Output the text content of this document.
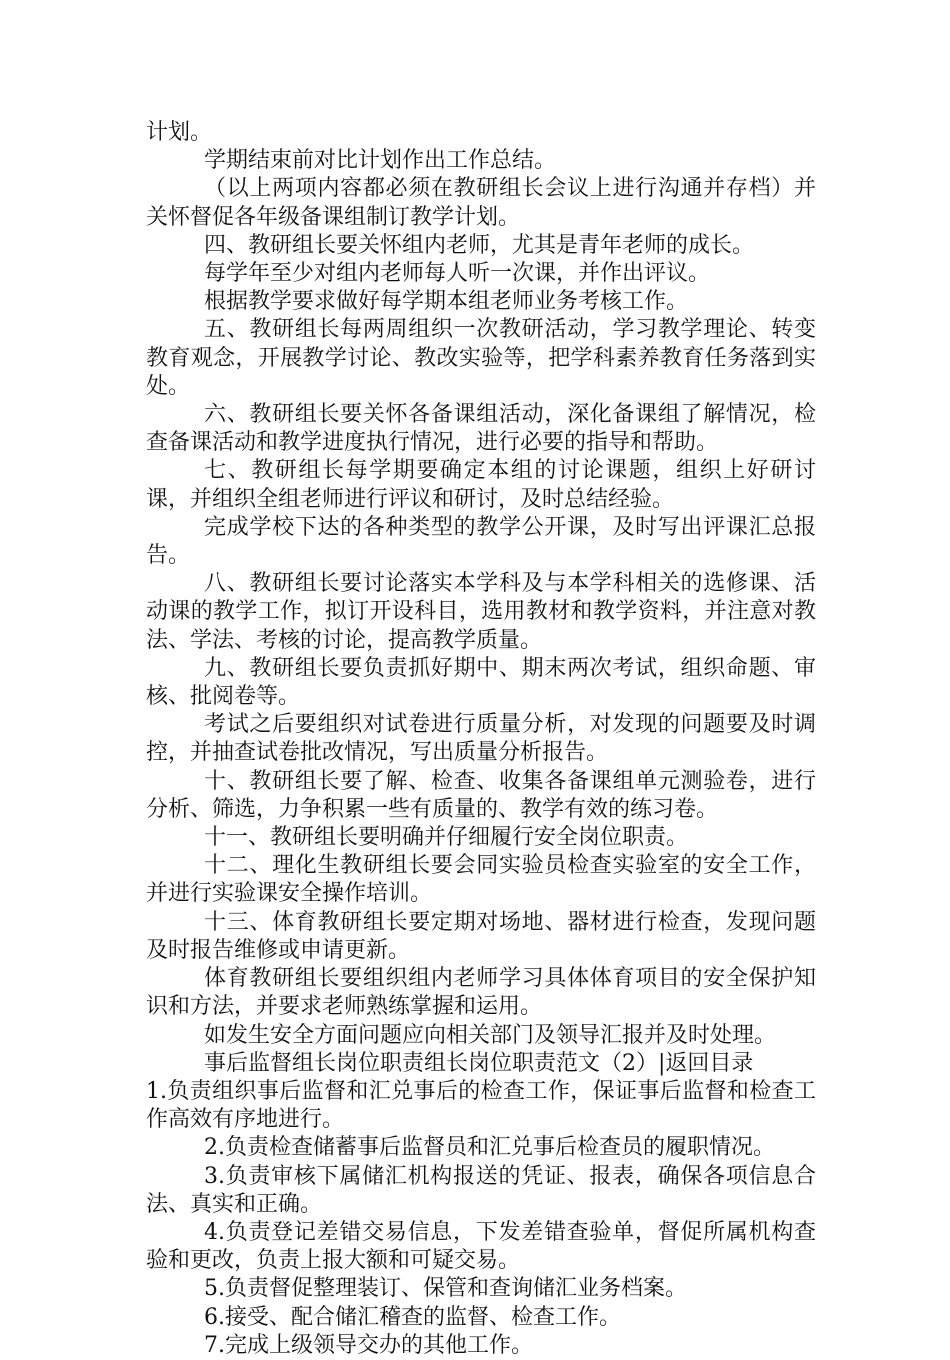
计划。

学期结束前对比计划作出工作总结。

（以上两项内容都必须在教研组长会议上进行沟通并存档）并关怀督促各年级备课组制订教学计划。

四、教研组长要关怀组内老师，尤其是青年老师的成长。

每学年至少对组内老师每人听一次课，并作出评议。

根据教学要求做好每学期本组老师业务考核工作。

五、教研组长每两周组织一次教研活动，学习教学理论、转变教育观念，开展教学讨论、教改实验等，把学科素养教育任务落到实处。

六、教研组长要关怀各备课组活动，深化备课组了解情况，检查备课活动和教学进度执行情况，进行必要的指导和帮助。

七、教研组长每学期要确定本组的讨论课题，组织上好研讨课，并组织全组老师进行评议和研讨，及时总结经验。

完成学校下达的各种类型的教学公开课，及时写出评课汇总报告。

八、教研组长要讨论落实本学科及与本学科相关的选修课、活动课的教学工作，拟订开设科目，选用教材和教学资料，并注意对教法、学法、考核的讨论，提高教学质量。

九、教研组长要负责抓好期中、期末两次考试，组织命题、审核、批阅卷等。

考试之后要组织对试卷进行质量分析，对发现的问题要及时调控，并抽查试卷批改情况，写出质量分析报告。

十、教研组长要了解、检查、收集各备课组单元测验卷，进行分析、筛选，力争积累一些有质量的、教学有效的练习卷。

十一、教研组长要明确并仔细履行安全岗位职责。

十二、理化生教研组长要会同实验员检查实验室的安全工作，并进行实验课安全操作培训。

十三、体育教研组长要定期对场地、器材进行检查，发现问题及时报告维修或申请更新。

体育教研组长要组织组内老师学习具体体育项目的安全保护知识和方法，并要求老师熟练掌握和运用。

如发生安全方面问题应向相关部门及领导汇报并及时处理。

事后监督组长岗位职责组长岗位职责范文（2）|返回目录

1.负责组织事后监督和汇兑事后的检查工作，保证事后监督和检查工作高效有序地进行。

2.负责检查储蓄事后监督员和汇兑事后检查员的履职情况。

3.负责审核下属储汇机构报送的凭证、报表，确保各项信息合法、真实和正确。

4.负责登记差错交易信息，下发差错查验单，督促所属机构查验和更改，负责上报大额和可疑交易。

5.负责督促整理装订、保管和查询储汇业务档案。

6.接受、配合储汇稽查的监督、检查工作。

7.完成上级领导交办的其他工作。
